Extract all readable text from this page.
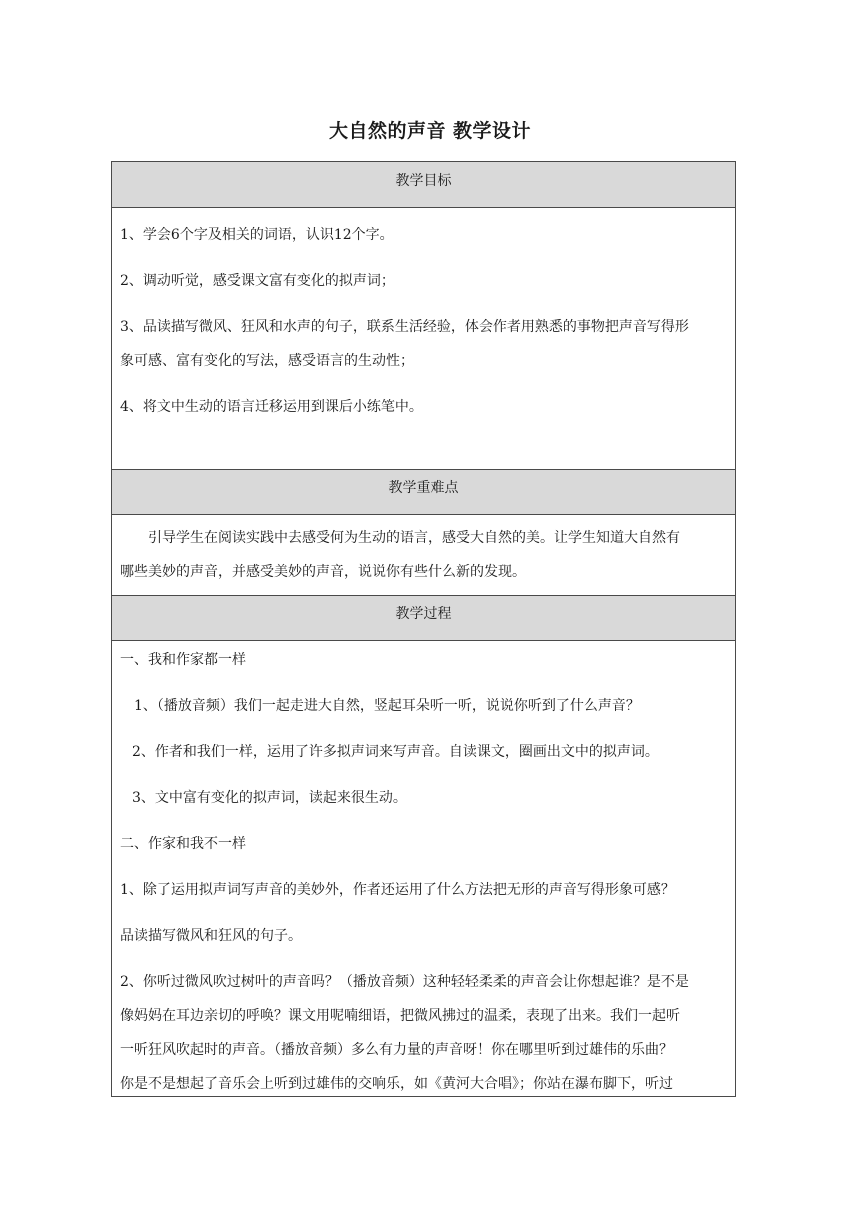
大自然的声音 教学设计
教学目标

1、学会6个字及相关的词语，认识12个字。

2、调动听觉，感受课文富有变化的拟声词；

3、品读描写微风、狂风和水声的句子，联系生活经验，体会作者用熟悉的事物把声音写得形

象可感、富有变化的写法，感受语言的生动性；

4、将文中生动的语言迁移运用到课后小练笔中。

教学重难点

引导学生在阅读实践中去感受何为生动的语言，感受大自然的美。让学生知道大自然有

哪些美妙的声音，并感受美妙的声音，说说你有些什么新的发现。

教学过程

一、我和作家都一样

1、（播放音频）我们一起走进大自然，竖起耳朵听一听，说说你听到了什么声音？

2、作者和我们一样，运用了许多拟声词来写声音。自读课文，圈画出文中的拟声词。

3、文中富有变化的拟声词，读起来很生动。

二、作家和我不一样

1、除了运用拟声词写声音的美妙外，作者还运用了什么方法把无形的声音写得形象可感？

品读描写微风和狂风的句子。

2、你听过微风吹过树叶的声音吗？（播放音频）这种轻轻柔柔的声音会让你想起谁？是不是

像妈妈在耳边亲切的呼唤？课文用呢喃细语，把微风拂过的温柔，表现了出来。我们一起听

一听狂风吹起时的声音。（播放音频）多么有力量的声音呀！你在哪里听到过雄伟的乐曲？

你是不是想起了音乐会上听到过雄伟的交响乐，如《黄河大合唱》；你站在瀑布脚下，听过
